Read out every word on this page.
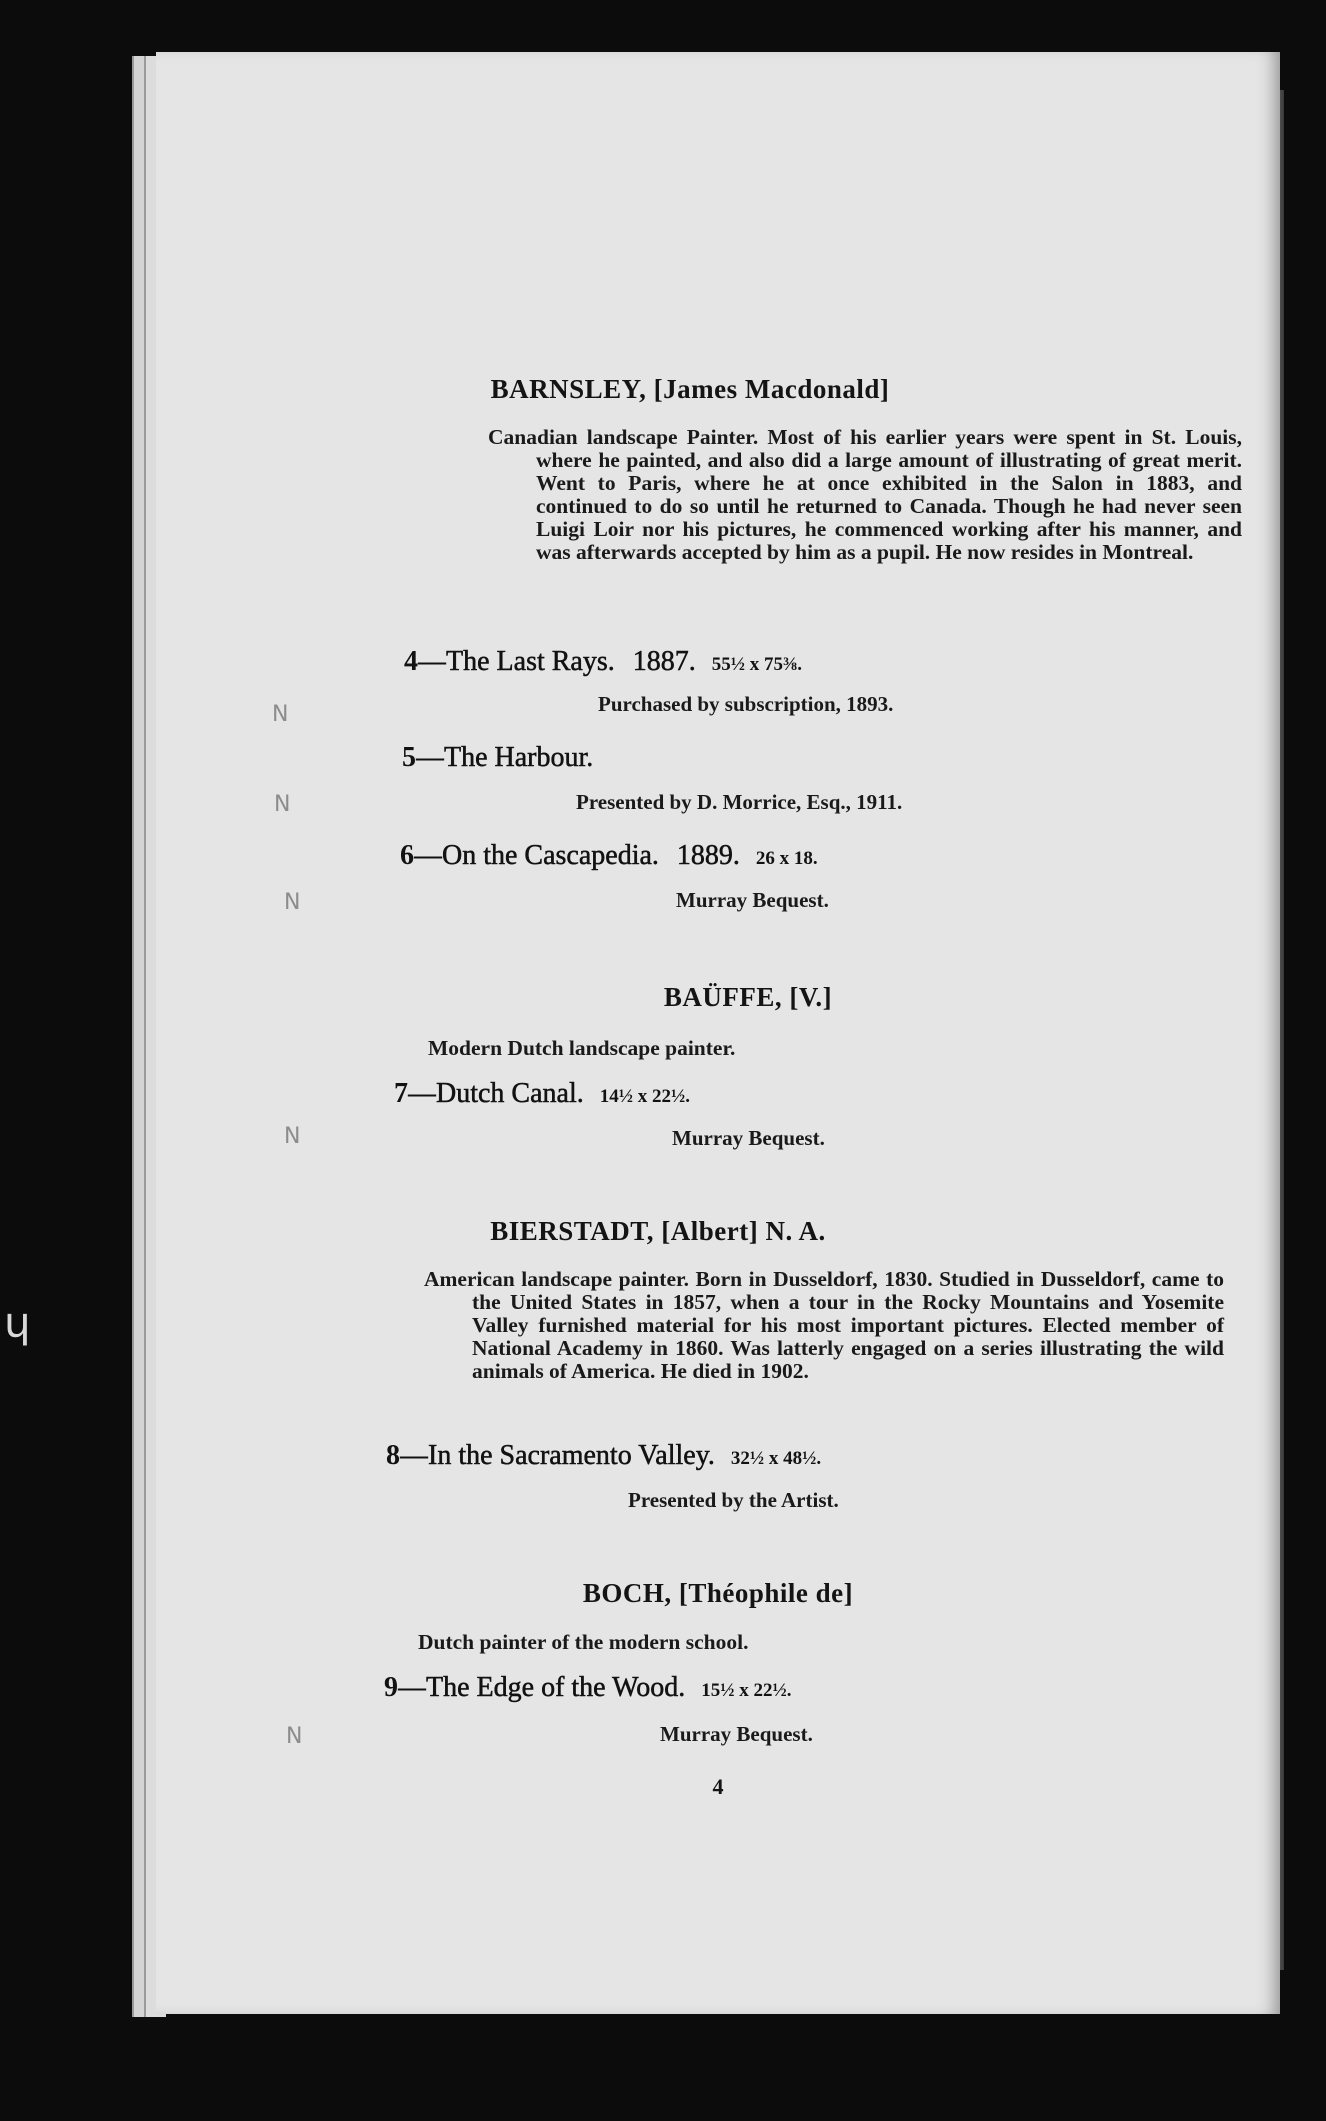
ɥ
N
N
N
N
N
BARNSLEY, [James Macdonald]
Canadian landscape Painter. Most of his earlier years were spent in St. Louis, where he painted, and also did a large amount of illustrating of great merit. Went to Paris, where he at once exhibited in the Salon in 1883, and continued to do so until he returned to Canada. Though he had never seen Luigi Loir nor his pictures, he commenced working after his manner, and was afterwards accepted by him as a pupil. He now resides in Montreal.
4—The Last Rays. 1887. 55½ x 75⅜.
Purchased by subscription, 1893.
5—The Harbour.
Presented by D. Morrice, Esq., 1911.
6—On the Cascapedia. 1889. 26 x 18.
Murray Bequest.
BAÜFFE, [V.]
Modern Dutch landscape painter.
7—Dutch Canal. 14½ x 22½.
Murray Bequest.
BIERSTADT, [Albert] N. A.
American landscape painter. Born in Dusseldorf, 1830. Studied in Dusseldorf, came to the United States in 1857, when a tour in the Rocky Mountains and Yosemite Valley furnished material for his most important pictures. Elected member of National Academy in 1860. Was latterly engaged on a series illustrating the wild animals of America. He died in 1902.
8—In the Sacramento Valley. 32½ x 48½.
Presented by the Artist.
BOCH, [Théophile de]
Dutch painter of the modern school.
9—The Edge of the Wood. 15½ x 22½.
Murray Bequest.
4
